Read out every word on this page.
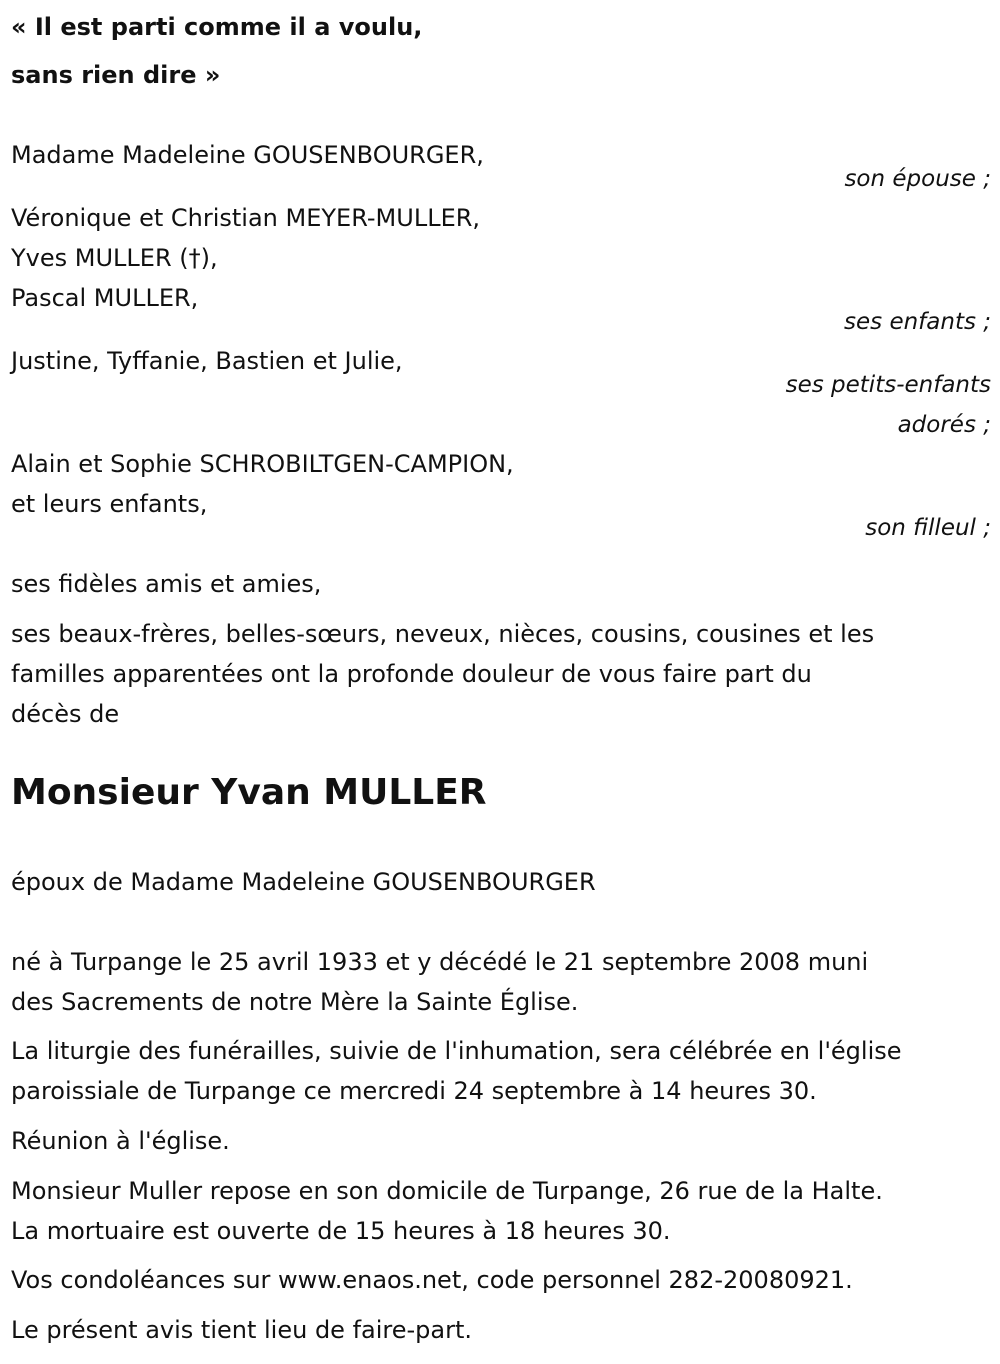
« Il est parti comme il a voulu,
sans rien dire »
Madame Madeleine GOUSENBOURGER,
son épouse ;
Véronique et Christian MEYER-MULLER,
Yves MULLER (†),
Pascal MULLER,
ses enfants ;
Justine, Tyffanie, Bastien et Julie,
ses petits-enfants
adorés ;
Alain et Sophie SCHROBILTGEN-CAMPION,
et leurs enfants,
son filleul ;
ses fidèles amis et amies,
ses beaux-frères, belles-sœurs, neveux, nièces, cousins, cousines et les
familles apparentées ont la profonde douleur de vous faire part du
décès de
Monsieur Yvan MULLER
époux de Madame Madeleine GOUSENBOURGER
né à Turpange le 25 avril 1933 et y décédé le 21 septembre 2008 muni
des Sacrements de notre Mère la Sainte Église.
La liturgie des funérailles, suivie de l'inhumation, sera célébrée en l'église
paroissiale de Turpange ce mercredi 24 septembre à 14 heures 30.
Réunion à l'église.
Monsieur Muller repose en son domicile de Turpange, 26 rue de la Halte.
La mortuaire est ouverte de 15 heures à 18 heures 30.
Vos condoléances sur www.enaos.net, code personnel 282-20080921.
Le présent avis tient lieu de faire-part.
